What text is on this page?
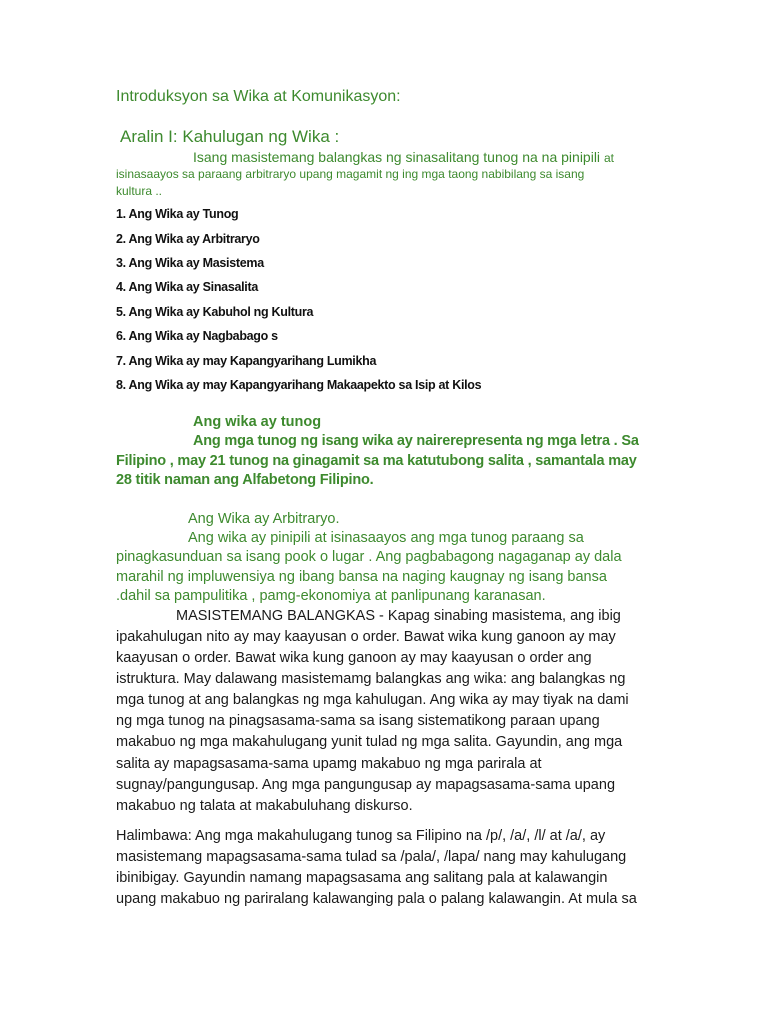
Introduksyon sa Wika at Komunikasyon:
Aralin I: Kahulugan ng Wika :
Isang masistemang balangkas ng sinasalitang tunog na na pinipili at
isinasaayos sa paraang arbitraryo upang magamit ng ing mga taong nabibilang sa isang
kultura ..
1. Ang Wika ay Tunog
2. Ang Wika ay Arbitraryo
3. Ang Wika ay Masistema
4. Ang Wika ay Sinasalita
5. Ang Wika ay Kabuhol ng Kultura
6. Ang Wika ay Nagbabago s
7. Ang Wika ay may Kapangyarihang Lumikha
8. Ang Wika ay may Kapangyarihang Makaapekto sa Isip at Kilos
Ang wika ay tunog
Ang mga tunog ng isang wika ay nairerepresenta ng mga letra . Sa
Filipino , may 21 tunog na ginagamit sa ma katutubong salita , samantala may
28 titik naman ang Alfabetong Filipino.
Ang Wika ay Arbitraryo.
Ang wika ay pinipili at isinasaayos ang mga tunog paraang sa
pinagkasunduan sa isang pook o lugar . Ang pagbabagong nagaganap ay dala
marahil ng impluwensiya ng ibang bansa na naging kaugnay ng isang bansa
.dahil sa pampulitika , pamg-ekonomiya at panlipunang karanasan.
MASISTEMANG BALANGKAS - Kapag sinabing masistema, ang ibig
ipakahulugan nito ay may kaayusan o order. Bawat wika kung ganoon ay may
kaayusan o order. Bawat wika kung ganoon ay may kaayusan o order ang
istruktura. May dalawang masistemamg balangkas ang wika: ang balangkas ng
mga tunog at ang balangkas ng mga kahulugan. Ang wika ay may tiyak na dami
ng mga tunog na pinagsasama-sama sa isang sistematikong paraan upang
makabuo ng mga makahulugang yunit tulad ng mga salita. Gayundin, ang mga
salita ay mapagsasama-sama upamg makabuo ng mga parirala at
sugnay/pangungusap. Ang mga pangungusap ay mapagsasama-sama upang
makabuo ng talata at makabuluhang diskurso.
Halimbawa: Ang mga makahulugang tunog sa Filipino na /p/, /a/, /l/ at /a/, ay
masistemang mapagsasama-sama tulad sa /pala/, /lapa/ nang may kahulugang
ibinibigay. Gayundin namang mapagsasama ang salitang pala at kalawangin
upang makabuo ng pariralang kalawanging pala o palang kalawangin. At mula sa
